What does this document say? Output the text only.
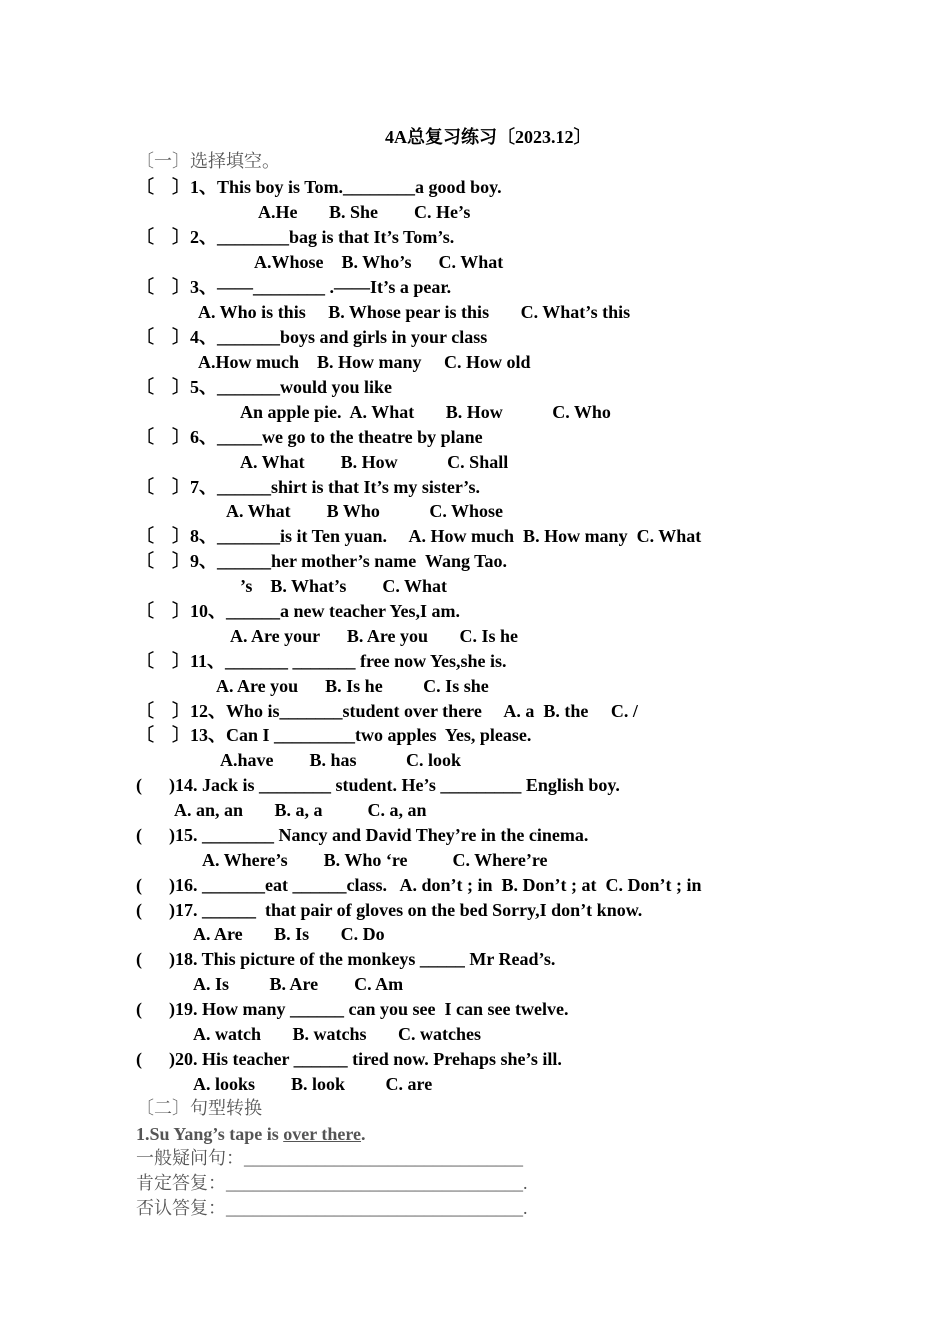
4A总复习练习〔2023.12〕
〔一〕选择填空。
〔    〕1、This boy is Tom.________a good boy.
A.He       B. She        C. He’s
〔    〕2、________bag is that It’s Tom’s.
A.Whose    B. Who’s      C. What
〔    〕3、——________ .——It’s a pear.
A. Who is this     B. Whose pear is this       C. What’s this
〔    〕4、_______boys and girls in your class
A.How much    B. How many     C. How old
〔    〕5、_______would you like
An apple pie.  A. What       B. How           C. Who
〔    〕6、_____we go to the theatre by plane
A. What        B. How           C. Shall
〔    〕7、______shirt is that It’s my sister’s.
A. What        B Who           C. Whose
〔    〕8、_______is it Ten yuan.     A. How much  B. How many  C. What
〔    〕9、______her mother’s name  Wang Tao.
’s    B. What’s        C. What
〔    〕10、______a new teacher Yes,I am.
A. Are your      B. Are you       C. Is he
〔    〕11、_______ _______ free now Yes,she is.
A. Are you      B. Is he         C. Is she
〔    〕12、Who is_______student over there     A. a  B. the     C. /
〔    〕13、Can I _________two apples  Yes, please.
A.have        B. has           C. look
(      )14. Jack is ________ student. He’s _________ English boy.
A. an, an       B. a, a          C. a, an
(      )15. ________ Nancy and David They’re in the cinema.
A. Where’s        B. Who ‘re          C. Where’re
(      )16. _______eat ______class.   A. don’t ; in  B. Don’t ; at  C. Don’t ; in
(      )17. ______  that pair of gloves on the bed Sorry,I don’t know.
A. Are       B. Is       C. Do
(      )18. This picture of the monkeys _____ Mr Read’s.
A. Is         B. Are        C. Am
(      )19. How many ______ can you see  I can see twelve.
A. watch       B. watchs       C. watches
(      )20. His teacher ______ tired now. Prehaps she’s ill.
A. looks        B. look         C. are
〔二〕句型转换
1.Su Yang’s tape is over there.
一般疑问句：_______________________________
肯定答复：_________________________________.
否认答复：_________________________________.
